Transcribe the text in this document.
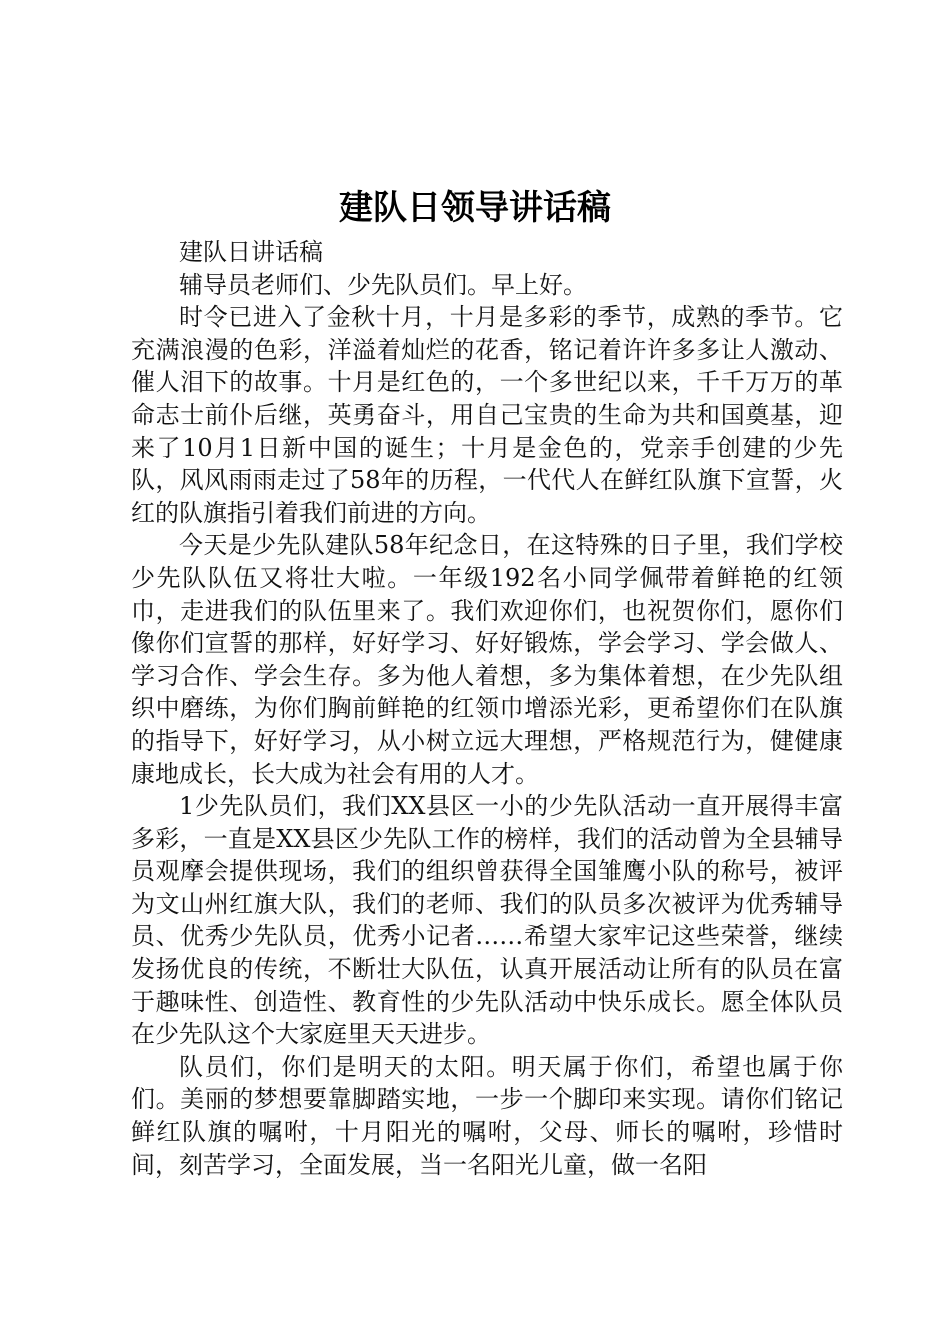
建队日领导讲话稿

建队日讲话稿

辅导员老师们、少先队员们。早上好。

时令已进入了金秋十月，十月是多彩的季节，成熟的季节。它充满浪漫的色彩，洋溢着灿烂的花香，铭记着许许多多让人激动、催人泪下的故事。十月是红色的，一个多世纪以来，千千万万的革命志士前仆后继，英勇奋斗，用自己宝贵的生命为共和国奠基，迎来了10月1日新中国的诞生；十月是金色的，党亲手创建的少先队，风风雨雨走过了58年的历程，一代代人在鲜红队旗下宣誓，火红的队旗指引着我们前进的方向。

今天是少先队建队58年纪念日，在这特殊的日子里，我们学校少先队队伍又将壮大啦。一年级192名小同学佩带着鲜艳的红领巾，走进我们的队伍里来了。我们欢迎你们，也祝贺你们，愿你们像你们宣誓的那样，好好学习、好好锻炼，学会学习、学会做人、学习合作、学会生存。多为他人着想，多为集体着想，在少先队组织中磨练，为你们胸前鲜艳的红领巾增添光彩，更希望你们在队旗的指导下，好好学习，从小树立远大理想，严格规范行为，健健康康地成长，长大成为社会有用的人才。

1少先队员们，我们XX县区一小的少先队活动一直开展得丰富多彩，一直是XX县区少先队工作的榜样，我们的活动曾为全县辅导员观摩会提供现场，我们的组织曾获得全国雏鹰小队的称号，被评为文山州红旗大队，我们的老师、我们的队员多次被评为优秀辅导员、优秀少先队员，优秀小记者……希望大家牢记这些荣誉，继续发扬优良的传统，不断壮大队伍，认真开展活动让所有的队员在富于趣味性、创造性、教育性的少先队活动中快乐成长。愿全体队员在少先队这个大家庭里天天进步。

队员们，你们是明天的太阳。明天属于你们，希望也属于你们。美丽的梦想要靠脚踏实地，一步一个脚印来实现。请你们铭记鲜红队旗的嘱咐，十月阳光的嘱咐，父母、师长的嘱咐，珍惜时间，刻苦学习，全面发展，当一名阳光儿童，做一名阳
